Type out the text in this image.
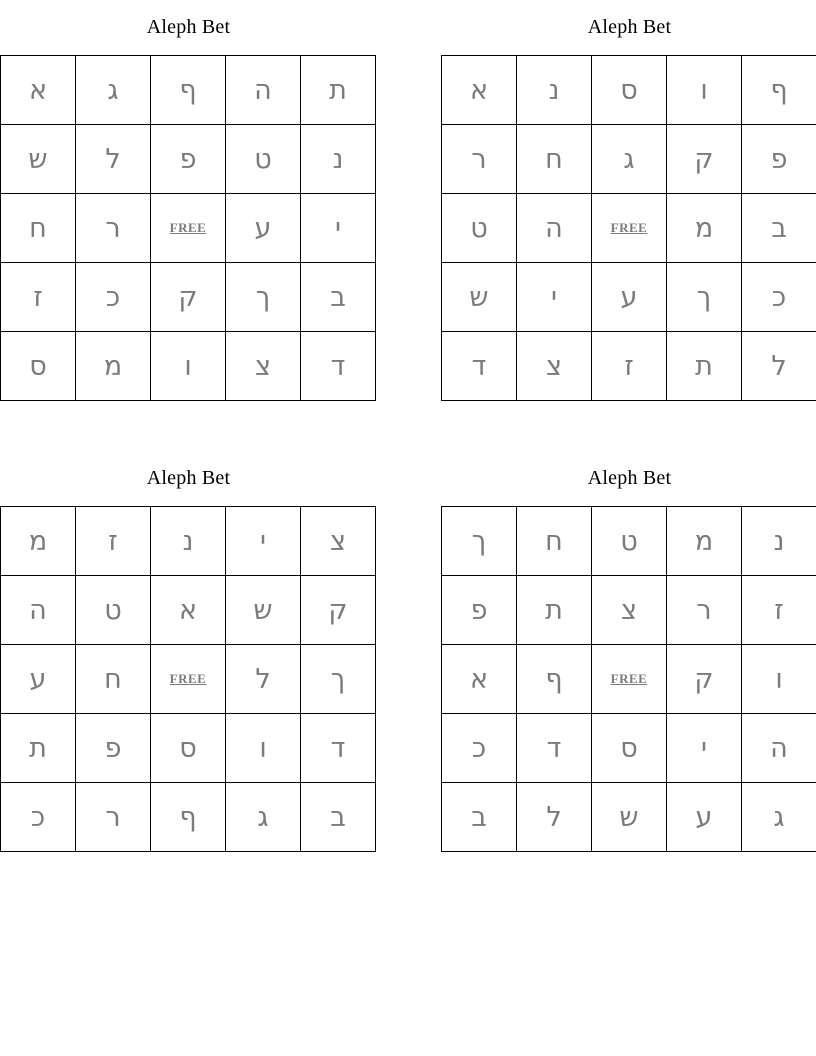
Aleph Bet
א	ג	ף	ה	ת
ש	ל	פ	ט	נ
ח	ר	FREE	ע	י
ז	כ	ק	ך	ב
ס	מ	ו	צ	ד
Aleph Bet
א	נ	ס	ו	ף
ר	ח	ג	ק	פ
ט	ה	FREE	מ	ב
ש	י	ע	ך	כ
ד	צ	ז	ת	ל
Aleph Bet
מ	ז	נ	י	צ
ה	ט	א	ש	ק
ע	ח	FREE	ל	ך
ת	פ	ס	ו	ד
כ	ר	ף	ג	ב
Aleph Bet
ך	ח	ט	מ	נ
פ	ת	צ	ר	ז
א	ף	FREE	ק	ו
כ	ד	ס	י	ה
ב	ל	ש	ע	ג
